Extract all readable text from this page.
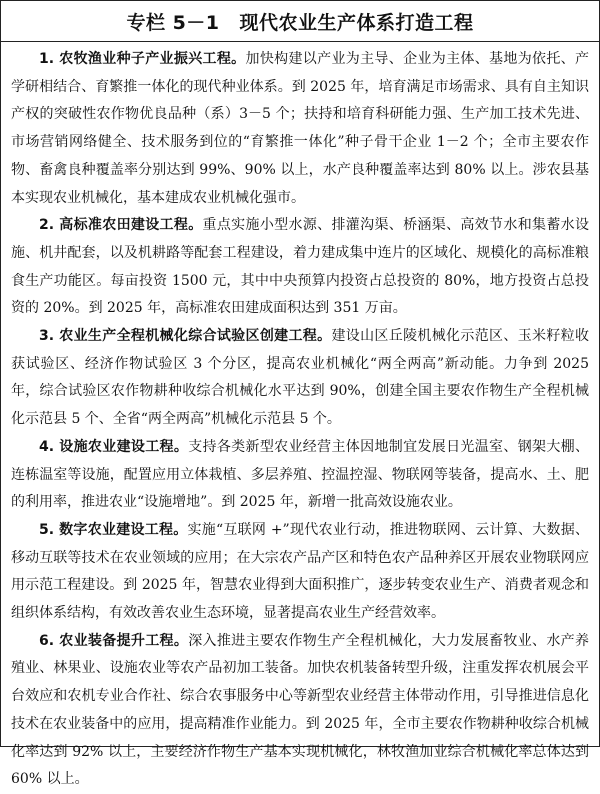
专栏 5－1 现代农业生产体系打造工程

1. 农牧渔业种子产业振兴工程。加快构建以产业为主导、企业为主体、基地为依托、产学研相结合、育繁推一体化的现代种业体系。到 2025 年，培育满足市场需求、具有自主知识产权的突破性农作物优良品种（系）3－5 个；扶持和培育科研能力强、生产加工技术先进、市场营销网络健全、技术服务到位的“育繁推一体化”种子骨干企业 1－2 个；全市主要农作物、畜禽良种覆盖率分别达到 99%、90% 以上，水产良种覆盖率达到 80% 以上。涉农县基本实现农业机械化，基本建成农业机械化强市。

2. 高标准农田建设工程。重点实施小型水源、排灌沟渠、桥涵渠、高效节水和集蓄水设施、机井配套，以及机耕路等配套工程建设，着力建成集中连片的区域化、规模化的高标准粮食生产功能区。每亩投资 1500 元，其中中央预算内投资占总投资的 80%，地方投资占总投资的 20%。到 2025 年，高标准农田建成面积达到 351 万亩。

3. 农业生产全程机械化综合试验区创建工程。建设山区丘陵机械化示范区、玉米籽粒收获试验区、经济作物试验区 3 个分区，提高农业机械化“两全两高”新动能。力争到 2025 年，综合试验区农作物耕种收综合机械化水平达到 90%，创建全国主要农作物生产全程机械化示范县 5 个、全省“两全两高”机械化示范县 5 个。

4. 设施农业建设工程。支持各类新型农业经营主体因地制宜发展日光温室、钢架大棚、连栋温室等设施，配置应用立体栽植、多层养殖、控温控湿、物联网等装备，提高水、土、肥的利用率，推进农业“设施增地”。到 2025 年，新增一批高效设施农业。

5. 数字农业建设工程。实施“互联网 +”现代农业行动，推进物联网、云计算、大数据、移动互联等技术在农业领域的应用；在大宗农产品产区和特色农产品种养区开展农业物联网应用示范工程建设。到 2025 年，智慧农业得到大面积推广，逐步转变农业生产、消费者观念和组织体系结构，有效改善农业生态环境，显著提高农业生产经营效率。

6. 农业装备提升工程。深入推进主要农作物生产全程机械化，大力发展畜牧业、水产养殖业、林果业、设施农业等农产品初加工装备。加快农机装备转型升级，注重发挥农机展会平台效应和农机专业合作社、综合农事服务中心等新型农业经营主体带动作用，引导推进信息化技术在农业装备中的应用，提高精准作业能力。到 2025 年，全市主要农作物耕种收综合机械化率达到 92% 以上，主要经济作物生产基本实现机械化，林牧渔加业综合机械化率总体达到 60% 以上。
